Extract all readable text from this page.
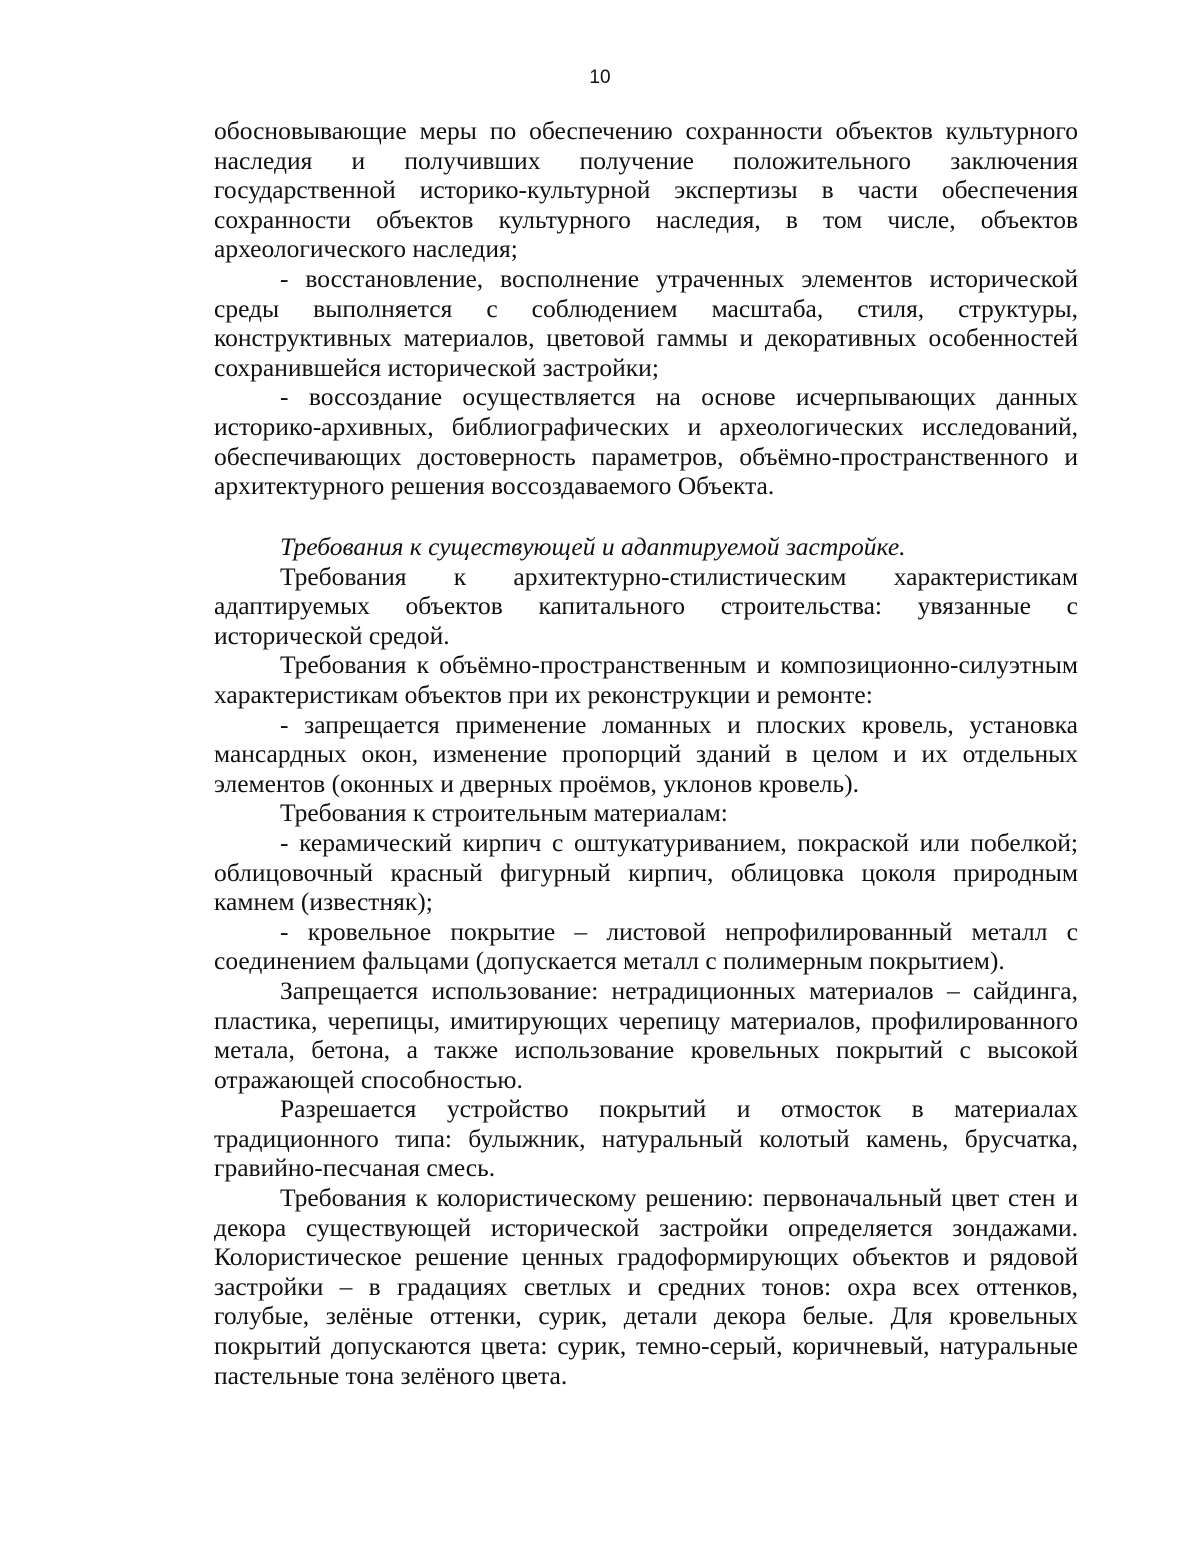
10

обосновывающие меры по обеспечению сохранности объектов культурного наследия и получивших получение положительного заключения государственной историко-культурной экспертизы в части обеспечения сохранности объектов культурного наследия, в том числе, объектов археологического наследия;

- восстановление, восполнение утраченных элементов исторической среды выполняется с соблюдением масштаба, стиля, структуры, конструктивных материалов, цветовой гаммы и декоративных особенностей сохранившейся исторической застройки;

- воссоздание осуществляется на основе исчерпывающих данных историко-архивных, библиографических и археологических исследований, обеспечивающих достоверность параметров, объёмно-пространственного и архитектурного решения воссоздаваемого Объекта.

Требования к существующей и адаптируемой застройке.

Требования к архитектурно-стилистическим характеристикам адаптируемых объектов капитального строительства: увязанные с исторической средой.

Требования к объёмно-пространственным и композиционно-силуэтным характеристикам объектов при их реконструкции и ремонте:

- запрещается применение ломанных и плоских кровель, установка мансардных окон, изменение пропорций зданий в целом и их отдельных элементов (оконных и дверных проёмов, уклонов кровель).

Требования к строительным материалам:

- керамический кирпич с оштукатуриванием, покраской или побелкой; облицовочный красный фигурный кирпич, облицовка цоколя природным камнем (известняк);

- кровельное покрытие – листовой непрофилированный металл с соединением фальцами (допускается металл с полимерным покрытием).

Запрещается использование: нетрадиционных материалов – сайдинга, пластика, черепицы, имитирующих черепицу материалов, профилированного метала, бетона, а также использование кровельных покрытий с высокой отражающей способностью.

Разрешается устройство покрытий и отмосток в материалах традиционного типа: булыжник, натуральный колотый камень, брусчатка, гравийно-песчаная смесь.

Требования к колористическому решению: первоначальный цвет стен и декора существующей исторической застройки определяется зондажами. Колористическое решение ценных градоформирующих объектов и рядовой застройки – в градациях светлых и средних тонов: охра всех оттенков, голубые, зелёные оттенки, сурик, детали декора белые. Для кровельных покрытий допускаются цвета: сурик, темно-серый, коричневый, натуральные пастельные тона зелёного цвета.
